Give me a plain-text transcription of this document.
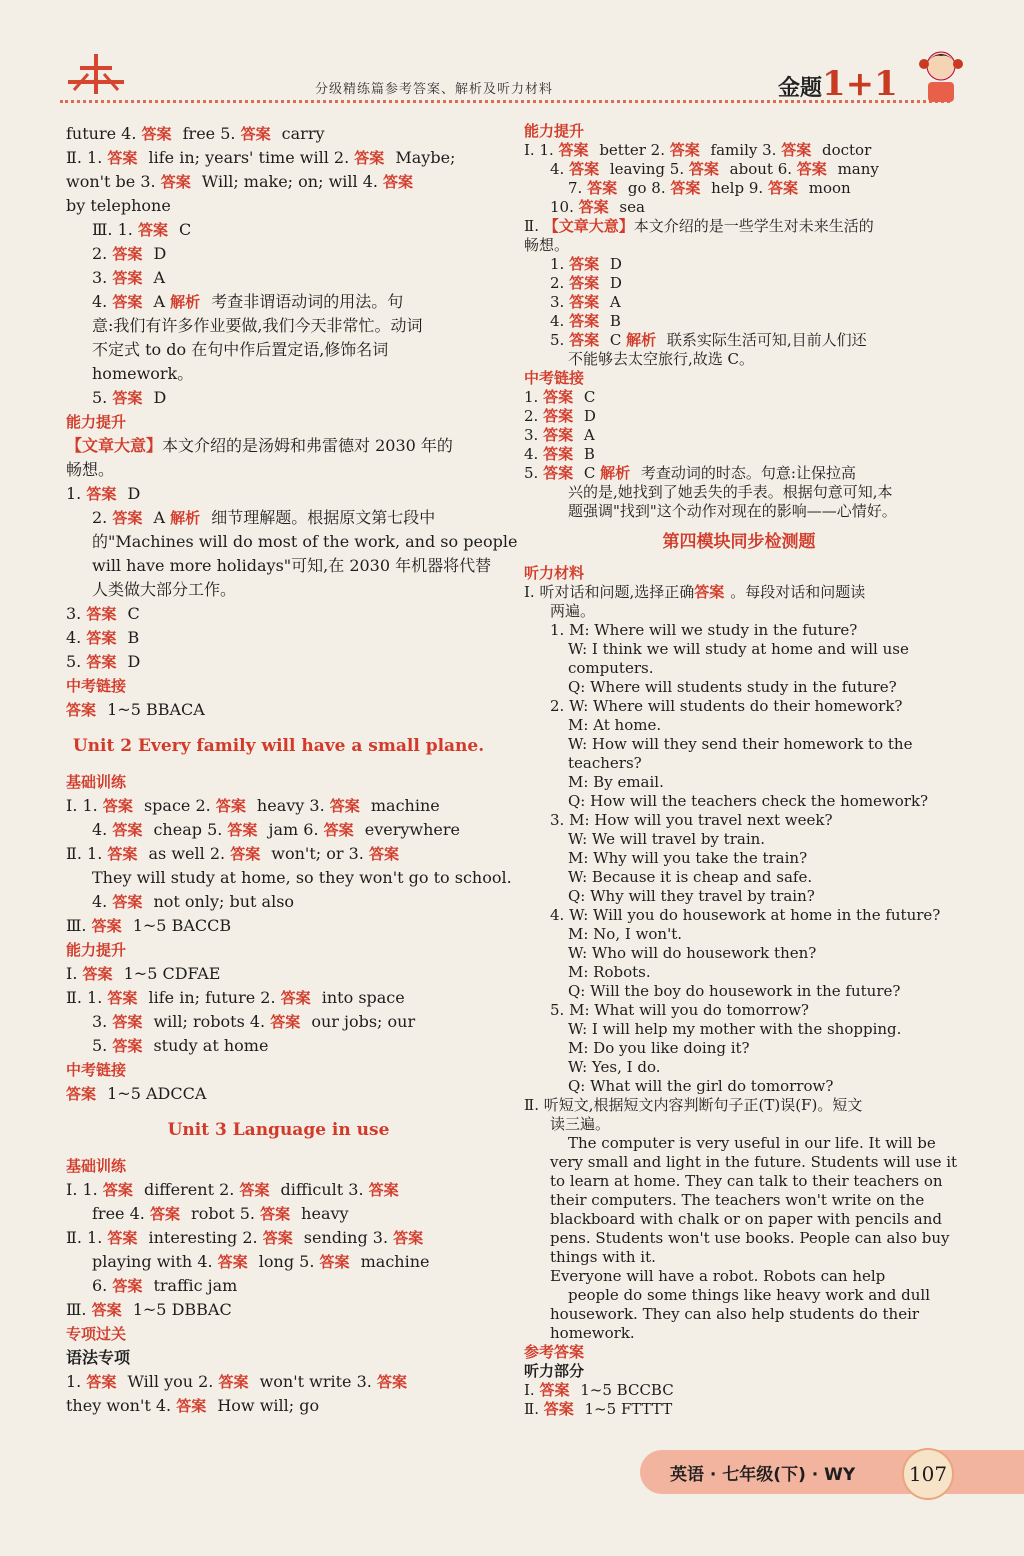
分级精练篇参考答案、解析及听力材料	金题1+1
future 4. 答案 free 5. 答案 carry
Ⅱ. 1. 答案 life in; years' time will 2. 答案 Maybe;
won't be 3. 答案 Will; make; on; will 4. 答案
by telephone
Ⅲ. 1. 答案 C
2. 答案 D
3. 答案 A
4. 答案 A 解析 考查非谓语动词的用法。句
意:我们有许多作业要做,我们今天非常忙。动词
不定式 to do 在句中作后置定语,修饰名词
homework。
5. 答案 D
能力提升
【文章大意】本文介绍的是汤姆和弗雷德对 2030 年的
畅想。
1. 答案 D
2. 答案 A 解析 细节理解题。根据原文第七段中
的"Machines will do most of the work, and so people
will have more holidays"可知,在 2030 年机器将代替
人类做大部分工作。
3. 答案 C
4. 答案 B
5. 答案 D
中考链接
答案 1~5 BBACA
Unit 2 Every family will have a small plane.
基础训练
Ⅰ. 1. 答案 space 2. 答案 heavy 3. 答案 machine
4. 答案 cheap 5. 答案 jam 6. 答案 everywhere
Ⅱ. 1. 答案 as well 2. 答案 won't; or 3. 答案
They will study at home, so they won't go to school.
4. 答案 not only; but also
Ⅲ. 答案 1~5 BACCB
能力提升
Ⅰ. 答案 1~5 CDFAE
Ⅱ. 1. 答案 life in; future 2. 答案 into space
3. 答案 will; robots 4. 答案 our jobs; our
5. 答案 study at home
中考链接
答案 1~5 ADCCA
Unit 3 Language in use
基础训练
Ⅰ. 1. 答案 different 2. 答案 difficult 3. 答案
free 4. 答案 robot 5. 答案 heavy
Ⅱ. 1. 答案 interesting 2. 答案 sending 3. 答案
playing with 4. 答案 long 5. 答案 machine
6. 答案 traffic jam
Ⅲ. 答案 1~5 DBBAC
专项过关
语法专项
1. 答案 Will you 2. 答案 won't write 3. 答案
they won't 4. 答案 How will; go
能力提升
Ⅰ. 1. 答案 better 2. 答案 family 3. 答案 doctor
4. 答案 leaving 5. 答案 about 6. 答案 many
7. 答案 go 8. 答案 help 9. 答案 moon
10. 答案 sea
Ⅱ. 【文章大意】本文介绍的是一些学生对未来生活的
畅想。
1. 答案 D
2. 答案 D
3. 答案 A
4. 答案 B
5. 答案 C 解析 联系实际生活可知,目前人们还
不能够去太空旅行,故选 C。
中考链接
1. 答案 C
2. 答案 D
3. 答案 A
4. 答案 B
5. 答案 C 解析 考查动词的时态。句意:让保拉高
兴的是,她找到了她丢失的手表。根据句意可知,本
题强调"找到"这个动作对现在的影响——心情好。
第四模块同步检测题
听力材料
Ⅰ. 听对话和问题,选择正确答案 。每段对话和问题读
两遍。
1. M: Where will we study in the future?
W: I think we will study at home and will use
computers.
Q: Where will students study in the future?
2. W: Where will students do their homework?
M: At home.
W: How will they send their homework to the
teachers?
M: By email.
Q: How will the teachers check the homework?
3. M: How will you travel next week?
W: We will travel by train.
M: Why will you take the train?
W: Because it is cheap and safe.
Q: Why will they travel by train?
4. W: Will you do housework at home in the future?
M: No, I won't.
W: Who will do housework then?
M: Robots.
Q: Will the boy do housework in the future?
5. M: What will you do tomorrow?
W: I will help my mother with the shopping.
M: Do you like doing it?
W: Yes, I do.
Q: What will the girl do tomorrow?
Ⅱ. 听短文,根据短文内容判断句子正(T)误(F)。短文
读三遍。
The computer is very useful in our life. It will be
very small and light in the future. Students will use it
to learn at home. They can talk to their teachers on
their computers. The teachers won't write on the
blackboard with chalk or on paper with pencils and
pens. Students won't use books. People can also buy
things with it.
Everyone will have a robot. Robots can help
people do some things like heavy work and dull
housework. They can also help students do their
homework.
参考答案
听力部分
Ⅰ. 答案 1~5 BCCBC
Ⅱ. 答案 1~5 FTTTT
英语 · 七年级(下) · WY	107
